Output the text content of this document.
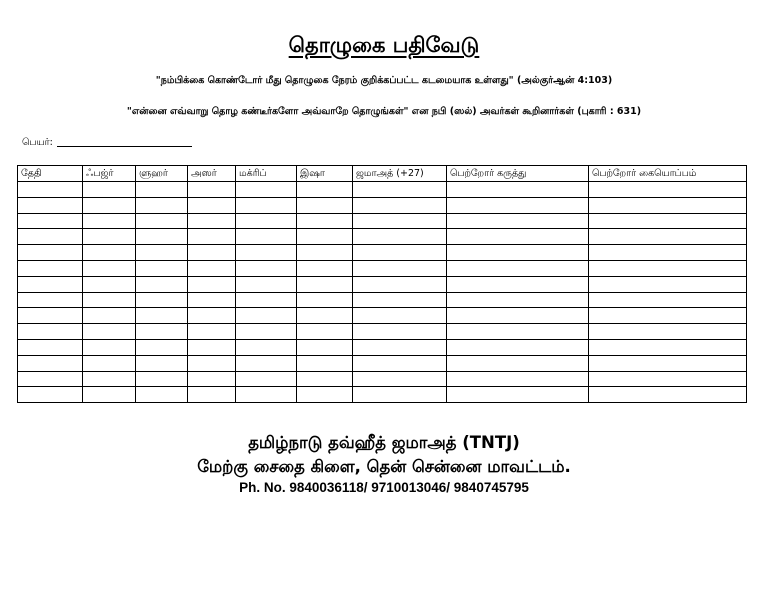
தொழுகை பதிவேடு
"நம்பிக்கை கொண்டோர் மீது தொழுகை நேரம் குறிக்கப்பட்ட கடமையாக உள்ளது" (அல்குர்ஆன் 4:103)
"என்னை எவ்வாறு தொழ கண்டீர்களோ அவ்வாறே தொழுங்கள்" என நபி (ஸல்) அவர்கள் கூறினார்கள் (புகாரி : 631)
பெயர்:
தேதி	ஃபஜ்ர்	ளுஹர்	அஸர்	மக்ரிப்	இஷா	ஜமாஅத் (+27)	பெற்றோர் கருத்து	பெற்றோர் கையொப்பம்

தமிழ்நாடு தவ்ஹீத் ஜமாஅத் (TNTJ)
மேற்கு சைதை கிளை, தென் சென்னை மாவட்டம்.
Ph. No. 9840036118/ 9710013046/ 9840745795
